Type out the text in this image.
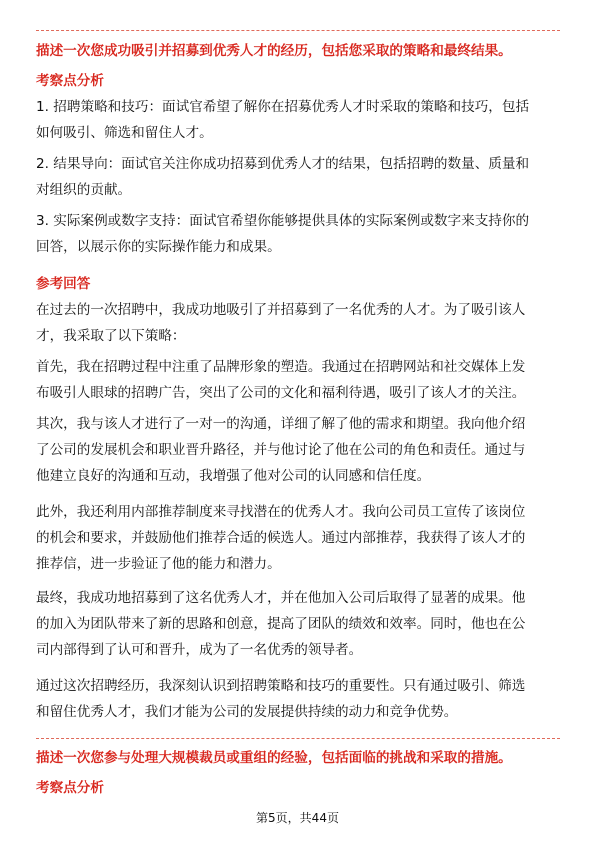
描述一次您成功吸引并招募到优秀人才的经历，包括您采取的策略和最终结果。
考察点分析
1. 招聘策略和技巧：面试官希望了解你在招募优秀人才时采取的策略和技巧，包括
如何吸引、筛选和留住人才。
2. 结果导向：面试官关注你成功招募到优秀人才的结果，包括招聘的数量、质量和
对组织的贡献。
3. 实际案例或数字支持：面试官希望你能够提供具体的实际案例或数字来支持你的
回答，以展示你的实际操作能力和成果。
参考回答
在过去的一次招聘中，我成功地吸引了并招募到了一名优秀的人才。为了吸引该人
才，我采取了以下策略：
首先，我在招聘过程中注重了品牌形象的塑造。我通过在招聘网站和社交媒体上发
布吸引人眼球的招聘广告，突出了公司的文化和福利待遇，吸引了该人才的关注。
其次，我与该人才进行了一对一的沟通，详细了解了他的需求和期望。我向他介绍
了公司的发展机会和职业晋升路径，并与他讨论了他在公司的角色和责任。通过与
他建立良好的沟通和互动，我增强了他对公司的认同感和信任度。
此外，我还利用内部推荐制度来寻找潜在的优秀人才。我向公司员工宣传了该岗位
的机会和要求，并鼓励他们推荐合适的候选人。通过内部推荐，我获得了该人才的
推荐信，进一步验证了他的能力和潜力。
最终，我成功地招募到了这名优秀人才，并在他加入公司后取得了显著的成果。他
的加入为团队带来了新的思路和创意，提高了团队的绩效和效率。同时，他也在公
司内部得到了认可和晋升，成为了一名优秀的领导者。
通过这次招聘经历，我深刻认识到招聘策略和技巧的重要性。只有通过吸引、筛选
和留住优秀人才，我们才能为公司的发展提供持续的动力和竞争优势。
描述一次您参与处理大规模裁员或重组的经验，包括面临的挑战和采取的措施。
考察点分析
第5页，共44页
